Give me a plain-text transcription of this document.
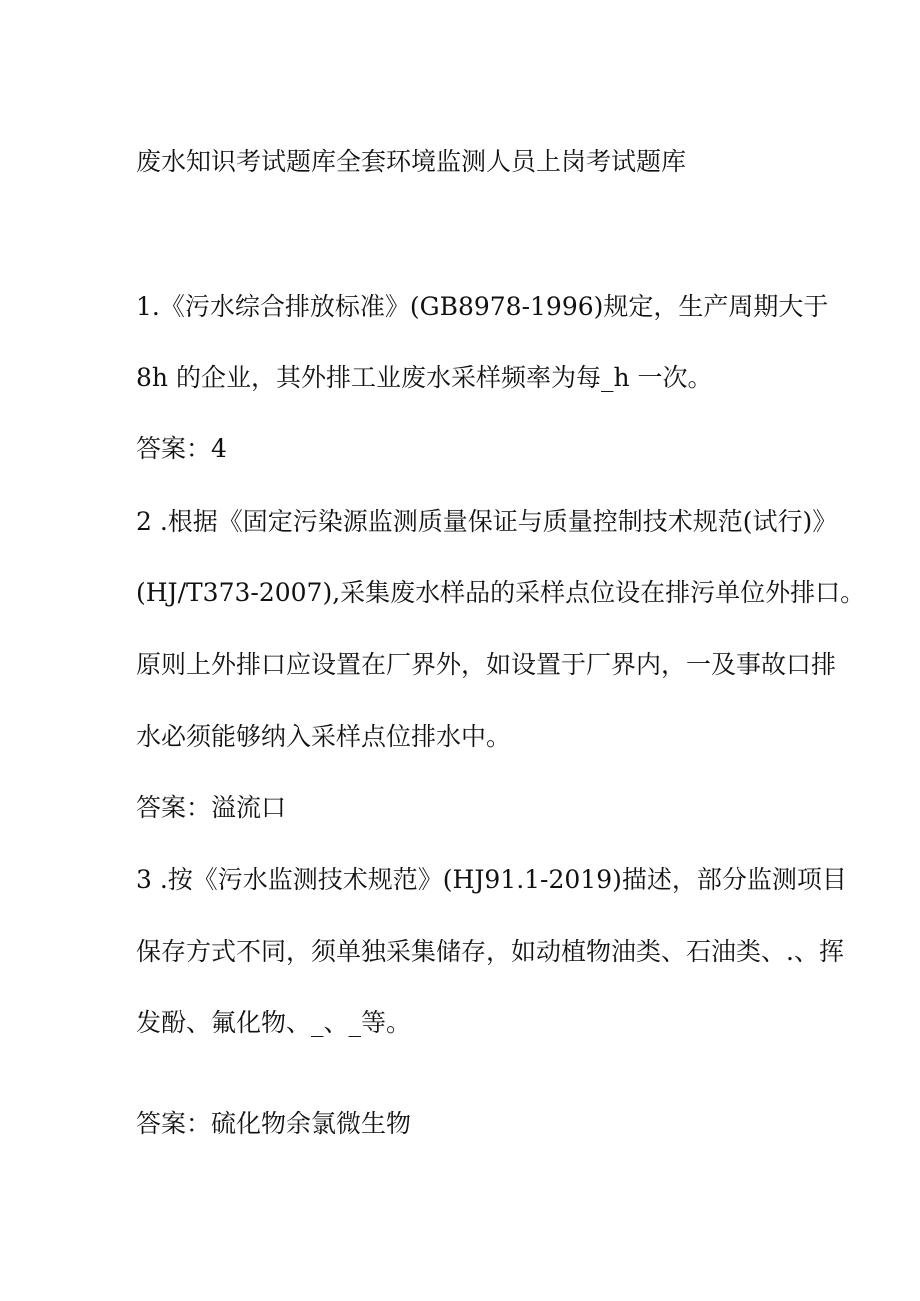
废水知识考试题库全套环境监测人员上岗考试题库
1.《污水综合排放标准》(GB8978-1996)规定，生产周期大于
8h 的企业，其外排工业废水采样频率为每_h 一次。
答案：4
2 .根据《固定污染源监测质量保证与质量控制技术规范(试行)》
(HJ/T373-2007),采集废水样品的采样点位设在排污单位外排口。
原则上外排口应设置在厂界外，如设置于厂界内，一及事故口排
水必须能够纳入采样点位排水中。
答案：溢流口
3 .按《污水监测技术规范》(HJ91.1-2019)描述，部分监测项目
保存方式不同，须单独采集储存，如动植物油类、石油类、.、挥
发酚、氟化物、_、_等。
答案：硫化物余氯微生物
